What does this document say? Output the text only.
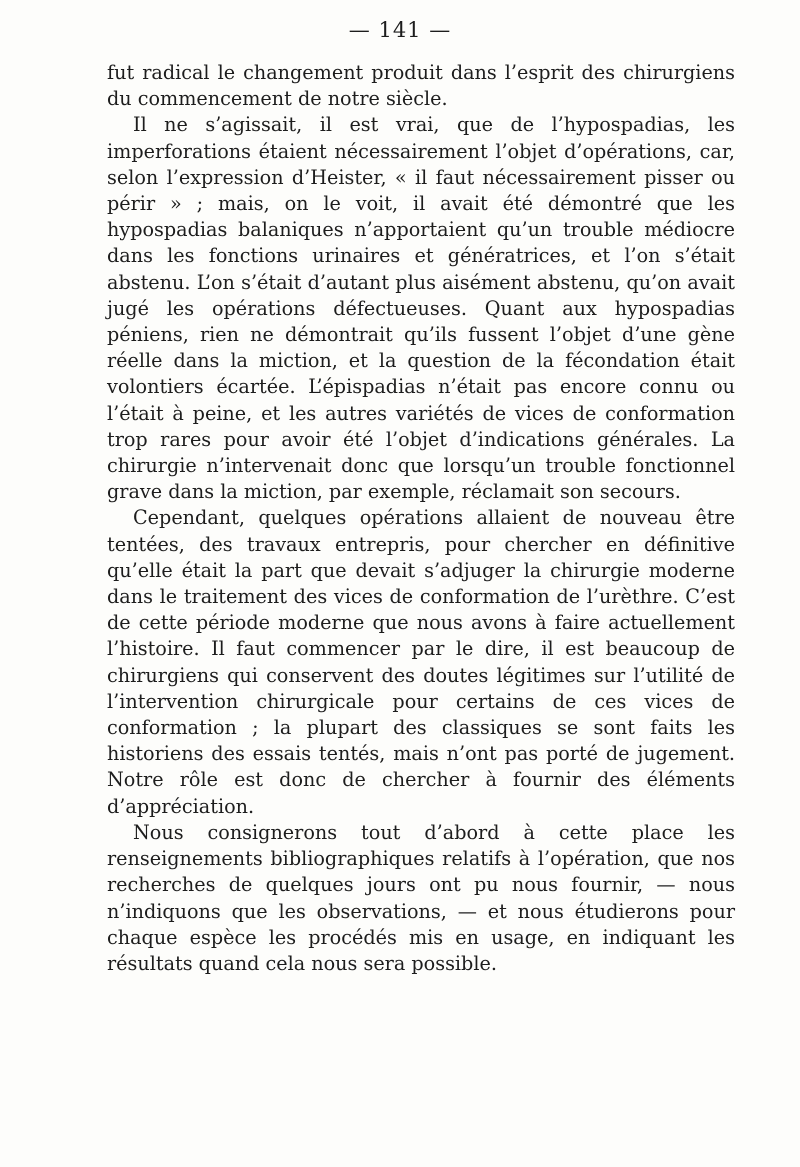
— 141 —

fut radical le changement produit dans l’esprit des chirurgiens du commencement de notre siècle.

Il ne s’agissait, il est vrai, que de l’hypospadias, les imperforations étaient nécessairement l’objet d’opérations, car, selon l’expression d’Heister, « il faut nécessairement pisser ou périr » ; mais, on le voit, il avait été démontré que les hypospadias balaniques n’apportaient qu’un trouble médiocre dans les fonctions urinaires et génératrices, et l’on s’était abstenu. L’on s’était d’autant plus aisément abstenu, qu’on avait jugé les opérations défectueuses. Quant aux hypospadias péniens, rien ne démontrait qu’ils fussent l’objet d’une gène réelle dans la miction, et la question de la fécondation était volontiers écartée. L’épispadias n’était pas encore connu ou l’était à peine, et les autres variétés de vices de conformation trop rares pour avoir été l’objet d’indications générales. La chirurgie n’intervenait donc que lorsqu’un trouble fonctionnel grave dans la miction, par exemple, réclamait son secours.

Cependant, quelques opérations allaient de nouveau être tentées, des travaux entrepris, pour chercher en définitive qu’elle était la part que devait s’adjuger la chirurgie moderne dans le traitement des vices de conformation de l’urèthre. C’est de cette période moderne que nous avons à faire actuellement l’histoire. Il faut commencer par le dire, il est beaucoup de chirurgiens qui conservent des doutes légitimes sur l’utilité de l’intervention chirurgicale pour certains de ces vices de conformation ; la plupart des classiques se sont faits les historiens des essais tentés, mais n’ont pas porté de jugement. Notre rôle est donc de chercher à fournir des éléments d’appréciation.

Nous consignerons tout d’abord à cette place les renseignements bibliographiques relatifs à l’opération, que nos recherches de quelques jours ont pu nous fournir, — nous n’indiquons que les observations, — et nous étudierons pour chaque espèce les procédés mis en usage, en indiquant les résultats quand cela nous sera possible.
